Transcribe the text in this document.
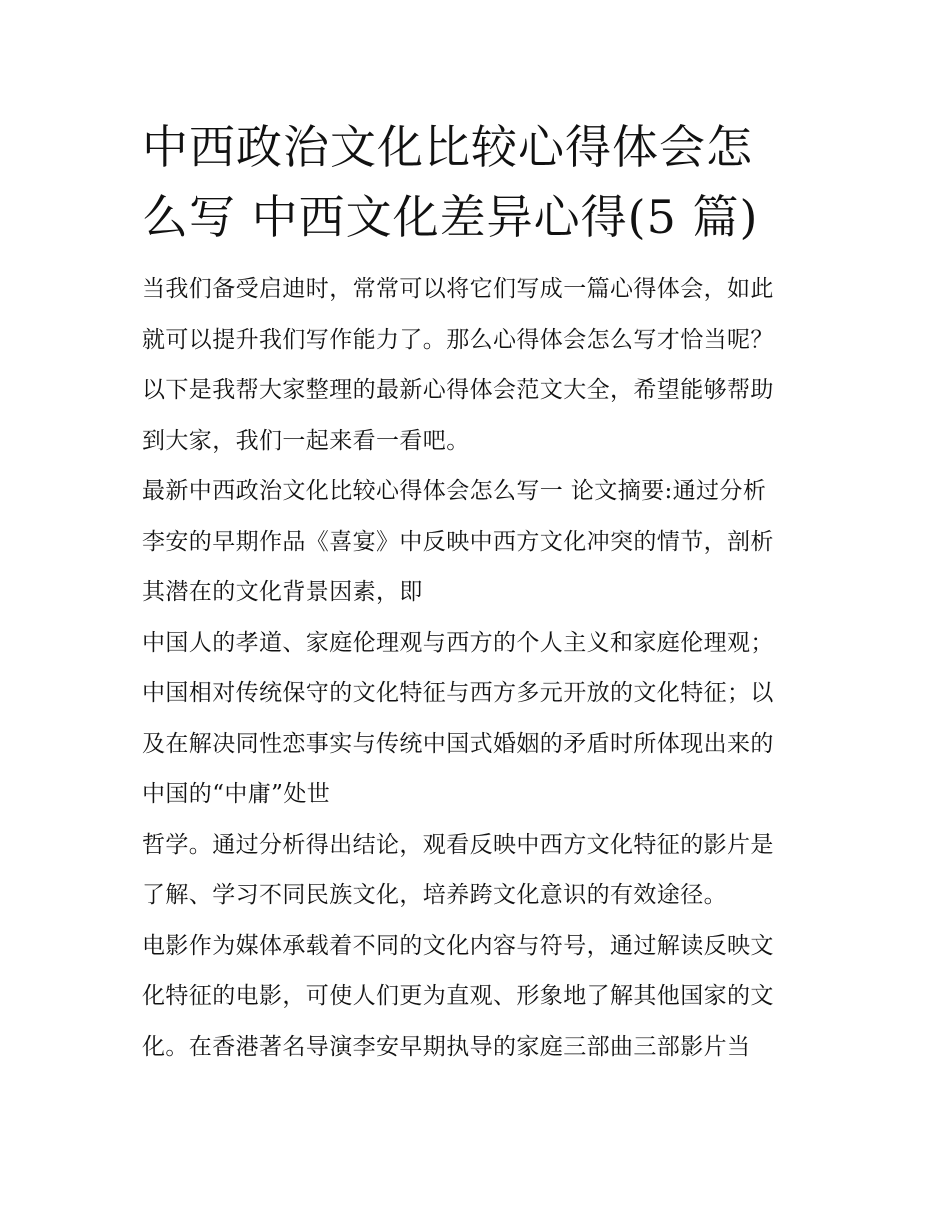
中西政治文化比较心得体会怎
么写 中西文化差异心得(5 篇)

当我们备受启迪时，常常可以将它们写成一篇心得体会，如此
就可以提升我们写作能力了。那么心得体会怎么写才恰当呢？
以下是我帮大家整理的最新心得体会范文大全，希望能够帮助
到大家，我们一起来看一看吧。

最新中西政治文化比较心得体会怎么写一 论文摘要:通过分析
李安的早期作品《喜宴》中反映中西方文化冲突的情节，剖析
其潜在的文化背景因素，即

中国人的孝道、家庭伦理观与西方的个人主义和家庭伦理观；
中国相对传统保守的文化特征与西方多元开放的文化特征；以
及在解决同性恋事实与传统中国式婚姻的矛盾时所体现出来的
中国的“中庸”处世

哲学。通过分析得出结论，观看反映中西方文化特征的影片是
了解、学习不同民族文化，培养跨文化意识的有效途径。

电影作为媒体承载着不同的文化内容与符号，通过解读反映文
化特征的电影，可使人们更为直观、形象地了解其他国家的文
化。在香港著名导演李安早期执导的家庭三部曲三部影片当
